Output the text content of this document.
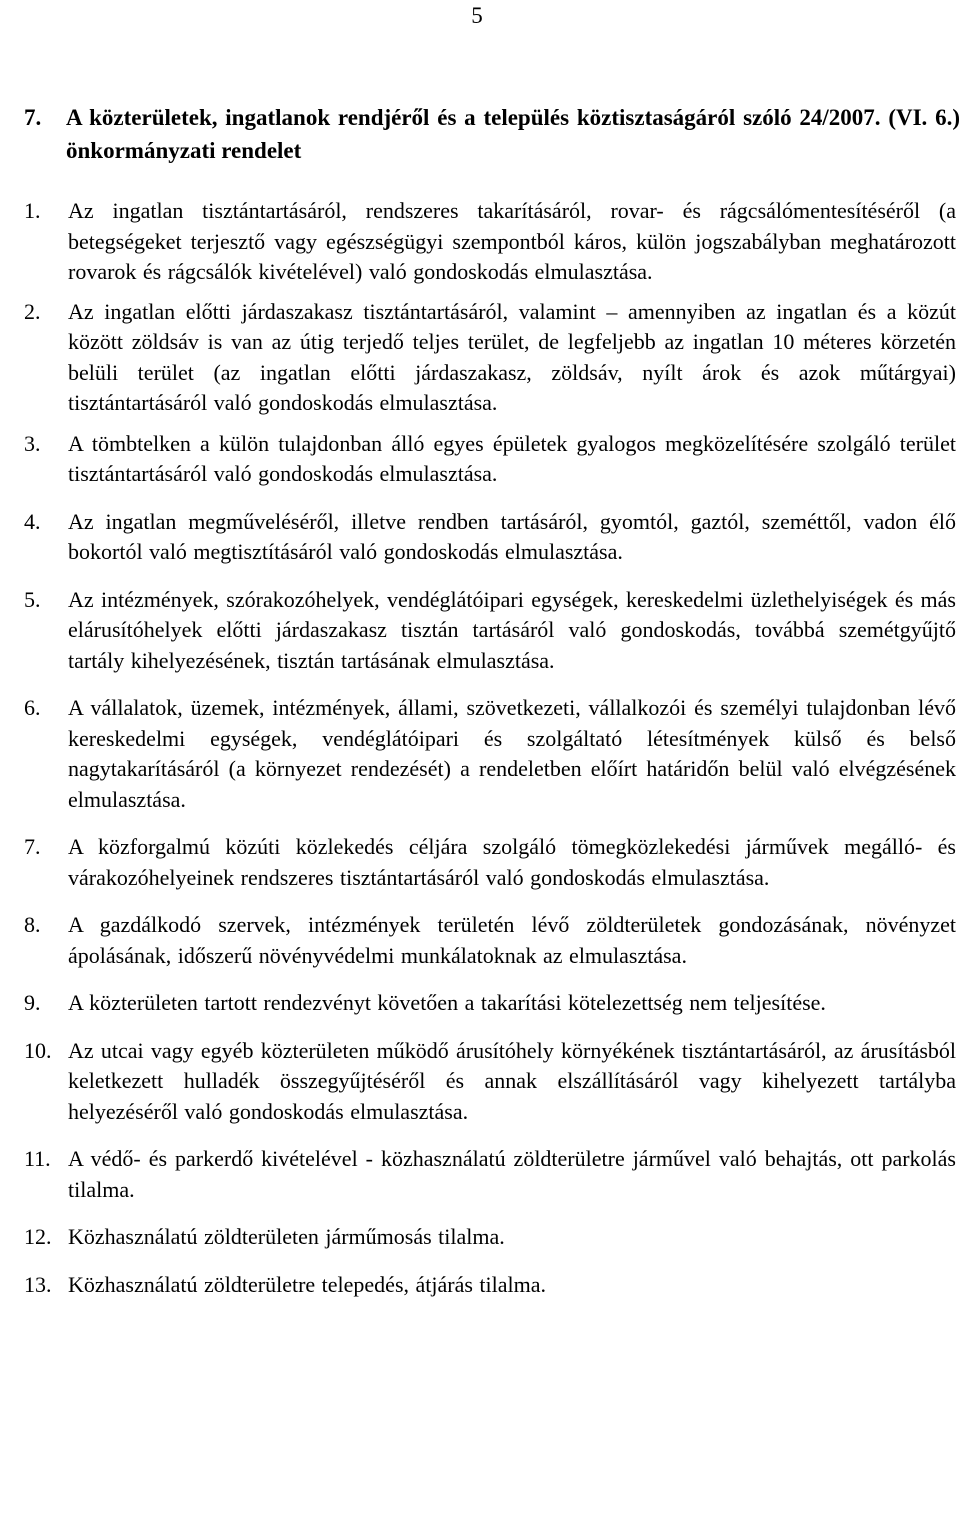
5
7.	A közterületek, ingatlanok rendjéről és a település köztisztaságáról szóló 24/2007. (VI. 6.) önkormányzati rendelet
1.	Az ingatlan tisztántartásáról, rendszeres takarításáról, rovar- és rágcsálómentesítéséről (a betegségeket terjesztő vagy egészségügyi szempontból káros, külön jogszabályban meghatározott rovarok és rágcsálók kivételével) való gondoskodás elmulasztása.
2.	Az ingatlan előtti járdaszakasz tisztántartásáról, valamint – amennyiben az ingatlan és a közút között zöldsáv is van az útig terjedő teljes terület, de legfeljebb az ingatlan 10 méteres körzetén belüli terület (az ingatlan előtti járdaszakasz, zöldsáv, nyílt árok és azok műtárgyai) tisztántartásáról való gondoskodás elmulasztása.
3.	A tömbtelken a külön tulajdonban álló egyes épületek gyalogos megközelítésére szolgáló terület tisztántartásáról való gondoskodás elmulasztása.
4.	Az ingatlan megműveléséről, illetve rendben tartásáról, gyomtól, gaztól, szeméttől, vadon élő bokortól való megtisztításáról való gondoskodás elmulasztása.
5.	Az intézmények, szórakozóhelyek, vendéglátóipari egységek, kereskedelmi üzlethelyiségek és más elárusítóhelyek előtti járdaszakasz tisztán tartásáról való gondoskodás, továbbá szemétgyűjtő tartály kihelyezésének, tisztán tartásának elmulasztása.
6.	A vállalatok, üzemek, intézmények, állami, szövetkezeti, vállalkozói és személyi tulajdonban lévő kereskedelmi egységek, vendéglátóipari és szolgáltató létesítmények külső és belső nagytakarításáról (a környezet rendezését) a rendeletben előírt határidőn belül való elvégzésének elmulasztása.
7.	A közforgalmú közúti közlekedés céljára szolgáló tömegközlekedési járművek megálló- és várakozóhelyeinek rendszeres tisztántartásáról való gondoskodás elmulasztása.
8.	A gazdálkodó szervek, intézmények területén lévő zöldterületek gondozásának, növényzet ápolásának, időszerű növényvédelmi munkálatoknak az elmulasztása.
9.	A közterületen tartott rendezvényt követően a takarítási kötelezettség nem teljesítése.
10. Az utcai vagy egyéb közterületen működő árusítóhely környékének tisztántartásáról, az árusításból keletkezett hulladék összegyűjtéséről és annak elszállításáról vagy kihelyezett tartályba helyezéséről való gondoskodás elmulasztása.
11. A védő- és parkerdő kivételével - közhasználatú zöldterületre járművel való behajtás, ott parkolás tilalma.
12. Közhasználatú zöldterületen járműmosás tilalma.
13. Közhasználatú zöldterületre telepedés, átjárás tilalma.
